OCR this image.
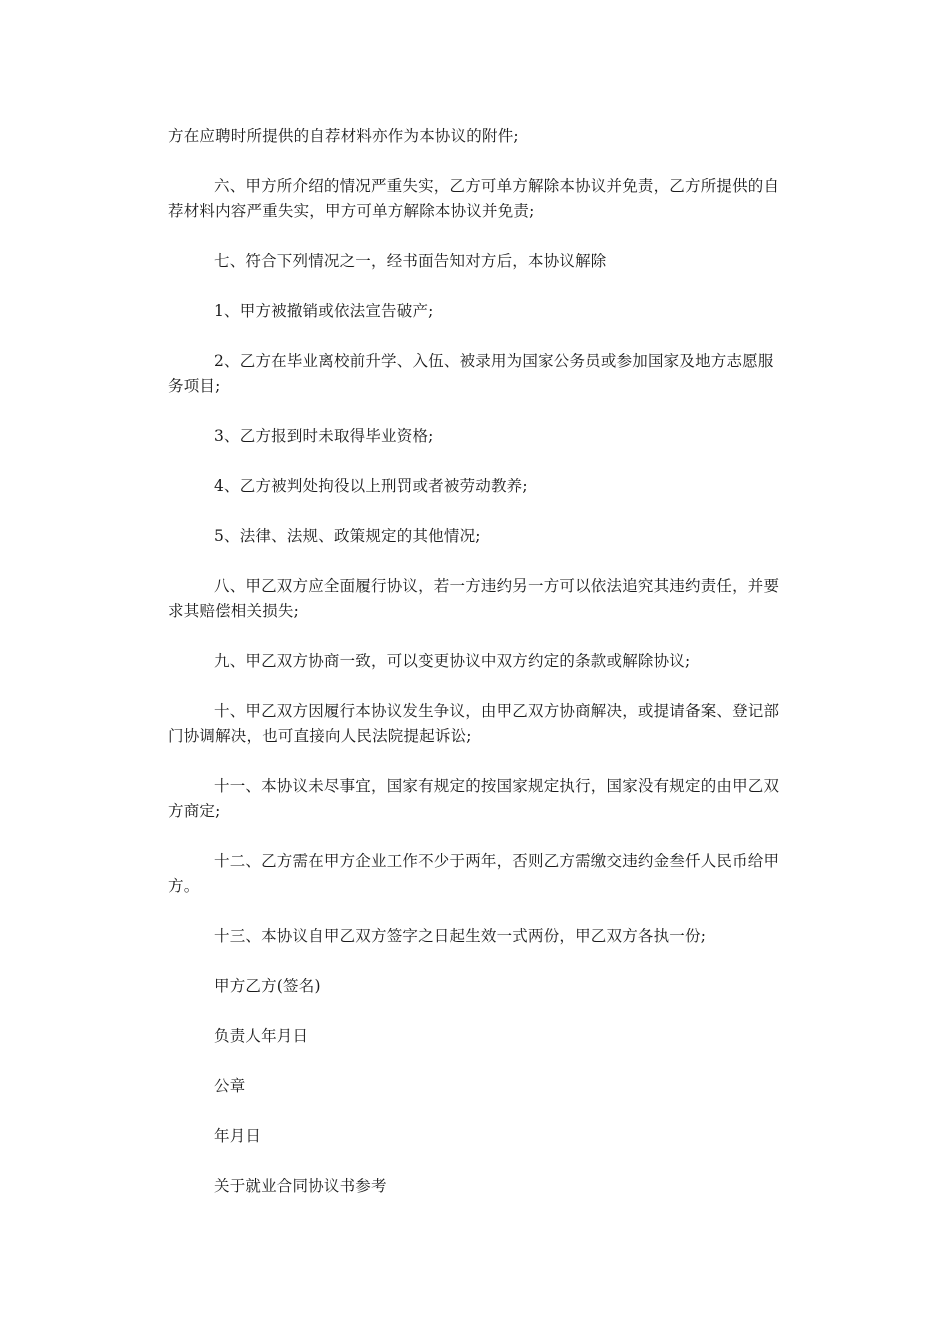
方在应聘时所提供的自荐材料亦作为本协议的附件;

六、甲方所介绍的情况严重失实，乙方可单方解除本协议并免责，乙方所提供的自荐材料内容严重失实，甲方可单方解除本协议并免责;

七、符合下列情况之一，经书面告知对方后，本协议解除

1、甲方被撤销或依法宣告破产;

2、乙方在毕业离校前升学、入伍、被录用为国家公务员或参加国家及地方志愿服务项目;

3、乙方报到时未取得毕业资格;

4、乙方被判处拘役以上刑罚或者被劳动教养;

5、法律、法规、政策规定的其他情况;

八、甲乙双方应全面履行协议，若一方违约另一方可以依法追究其违约责任，并要求其赔偿相关损失;

九、甲乙双方协商一致，可以变更协议中双方约定的条款或解除协议;

十、甲乙双方因履行本协议发生争议，由甲乙双方协商解决，或提请备案、登记部门协调解决，也可直接向人民法院提起诉讼;

十一、本协议未尽事宜，国家有规定的按国家规定执行，国家没有规定的由甲乙双方商定;

十二、乙方需在甲方企业工作不少于两年，否则乙方需缴交违约金叁仟人民币给甲方。

十三、本协议自甲乙双方签字之日起生效一式两份，甲乙双方各执一份;

甲方乙方(签名)

负责人年月日

公章

年月日

关于就业合同协议书参考
